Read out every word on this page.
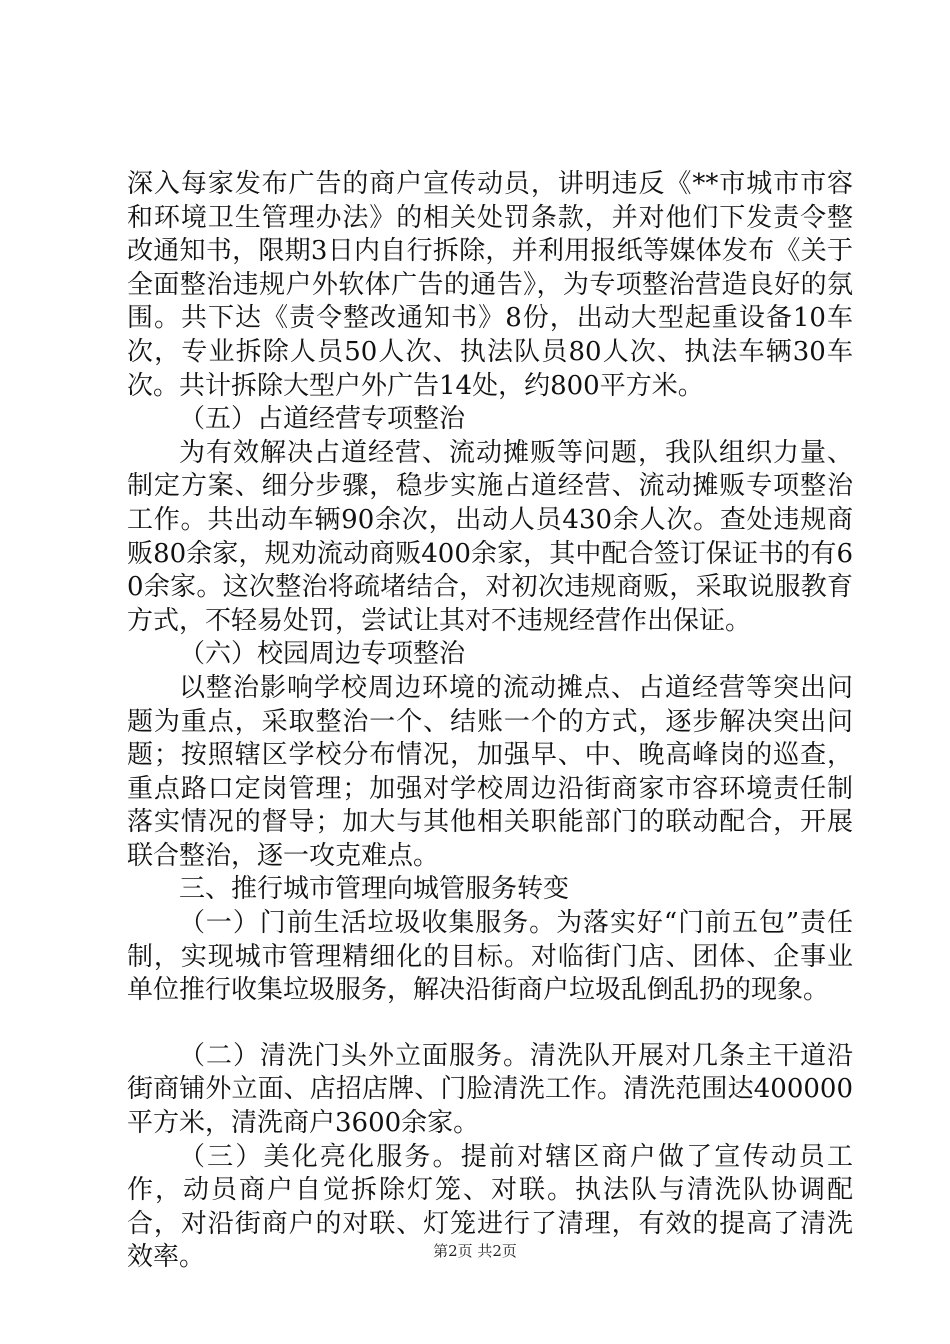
深入每家发布广告的商户宣传动员，讲明违反《**市城市市容和环境卫生管理办法》的相关处罚条款，并对他们下发责令整改通知书，限期3日内自行拆除，并利用报纸等媒体发布《关于全面整治违规户外软体广告的通告》，为专项整治营造良好的氛围。共下达《责令整改通知书》8份，出动大型起重设备10车次，专业拆除人员50人次、执法队员80人次、执法车辆30车次。共计拆除大型户外广告14处，约800平方米。

（五）占道经营专项整治

为有效解决占道经营、流动摊贩等问题，我队组织力量、制定方案、细分步骤，稳步实施占道经营、流动摊贩专项整治工作。共出动车辆90余次，出动人员430余人次。查处违规商贩80余家，规劝流动商贩400余家，其中配合签订保证书的有60余家。这次整治将疏堵结合，对初次违规商贩，采取说服教育方式，不轻易处罚，尝试让其对不违规经营作出保证。

（六）校园周边专项整治

以整治影响学校周边环境的流动摊点、占道经营等突出问题为重点，采取整治一个、结账一个的方式，逐步解决突出问题；按照辖区学校分布情况，加强早、中、晚高峰岗的巡查，重点路口定岗管理；加强对学校周边沿街商家市容环境责任制落实情况的督导；加大与其他相关职能部门的联动配合，开展联合整治，逐一攻克难点。

三、推行城市管理向城管服务转变

（一）门前生活垃圾收集服务。为落实好“门前五包”责任制，实现城市管理精细化的目标。对临街门店、团体、企事业单位推行收集垃圾服务，解决沿街商户垃圾乱倒乱扔的现象。

（二）清洗门头外立面服务。清洗队开展对几条主干道沿街商铺外立面、店招店牌、门脸清洗工作。清洗范围达400000平方米，清洗商户3600余家。

（三）美化亮化服务。提前对辖区商户做了宣传动员工作，动员商户自觉拆除灯笼、对联。执法队与清洗队协调配合，对沿街商户的对联、灯笼进行了清理，有效的提高了清洗效率。	第2页 共2页
